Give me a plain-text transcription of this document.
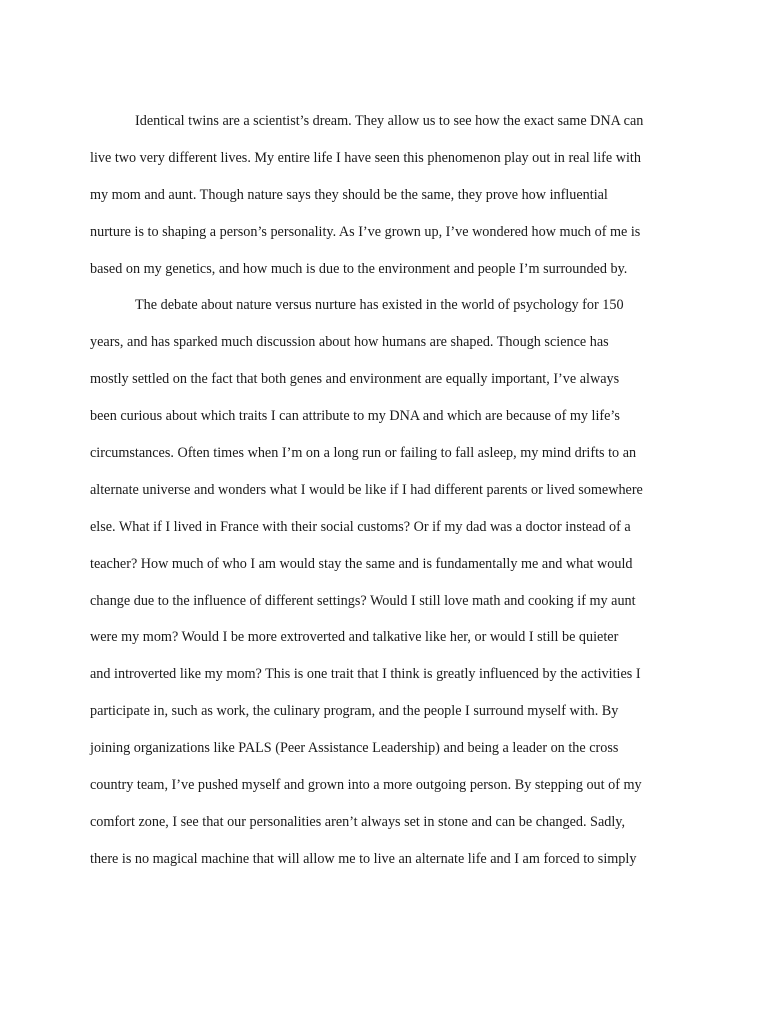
Identical twins are a scientist’s dream. They allow us to see how the exact same DNA can
live two very different lives. My entire life I have seen this phenomenon play out in real life with
my mom and aunt. Though nature says they should be the same, they prove how influential
nurture is to shaping a person’s personality. As I’ve grown up, I’ve wondered how much of me is
based on my genetics, and how much is due to the environment and people I’m surrounded by.
The debate about nature versus nurture has existed in the world of psychology for 150
years, and has sparked much discussion about how humans are shaped. Though science has
mostly settled on the fact that both genes and environment are equally important, I’ve always
been curious about which traits I can attribute to my DNA and which are because of my life’s
circumstances. Often times when I’m on a long run or failing to fall asleep, my mind drifts to an
alternate universe and wonders what I would be like if I had different parents or lived somewhere
else. What if I lived in France with their social customs? Or if my dad was a doctor instead of a
teacher? How much of who I am would stay the same and is fundamentally me and what would
change due to the influence of different settings? Would I still love math and cooking if my aunt
were my mom? Would I be more extroverted and talkative like her, or would I still be quieter
and introverted like my mom? This is one trait that I think is greatly influenced by the activities I
participate in, such as work, the culinary program, and the people I surround myself with. By
joining organizations like PALS (Peer Assistance Leadership) and being a leader on the cross
country team, I’ve pushed myself and grown into a more outgoing person. By stepping out of my
comfort zone, I see that our personalities aren’t always set in stone and can be changed. Sadly,
there is no magical machine that will allow me to live an alternate life and I am forced to simply
